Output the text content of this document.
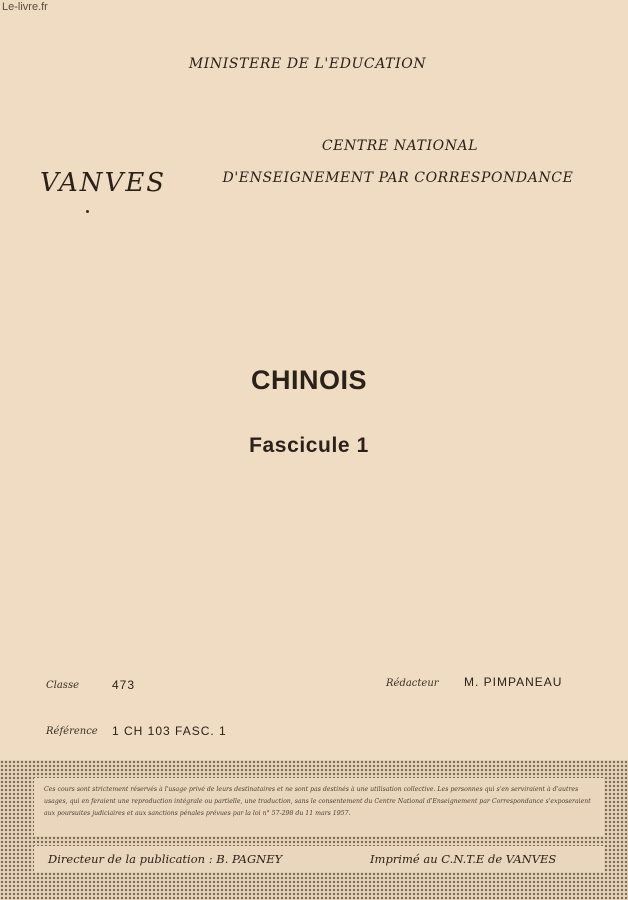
Le-livre.fr
MINISTERE DE L'EDUCATION
VANVES
CENTRE NATIONAL
D'ENSEIGNEMENT PAR CORRESPONDANCE
CHINOIS
Fascicule 1
Classe	473	Rédacteur M. PIMPANEAU
Référence 1 CH 103 FASC. 1
Ces cours sont strictement réservés à l'usage privé de leurs destinataires et ne sont pas destinés à une utilisation collective. Les personnes qui s'en serviraient à d'autres usages, qui en feraient une reproduction intégrale ou partielle, une traduction, sans le consentement du Centre National d'Enseignement par Correspondance s'exposeraient aux poursuites judiciaires et aux sanctions pénales prévues par la loi n° 57-298 du 11 mars 1957.
Directeur de la publication : B. PAGNEY	Imprimé au C.N.T.E de VANVES
